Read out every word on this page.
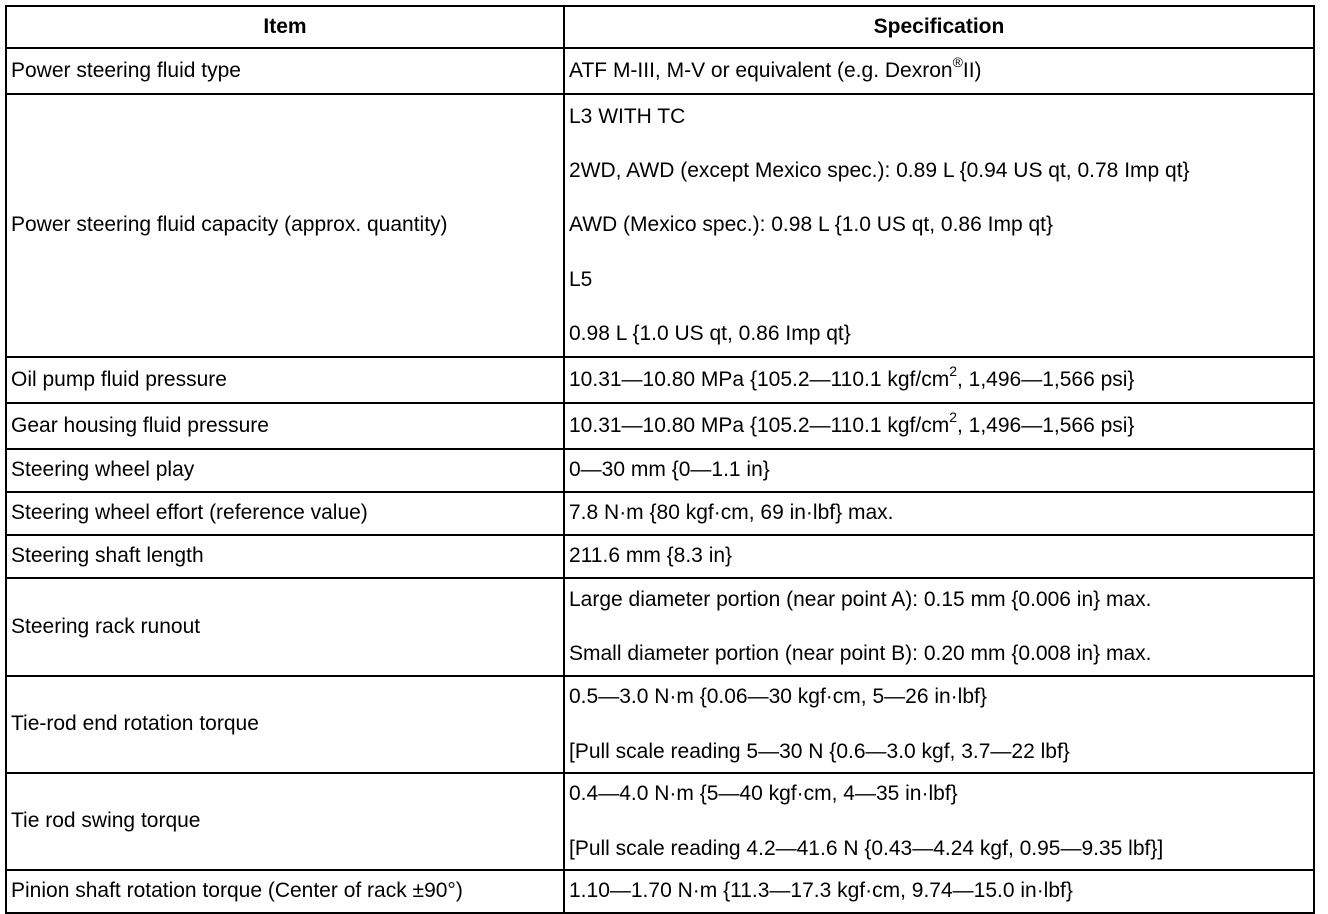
Item	Specification
Power steering fluid type	ATF M-III, M-V or equivalent (e.g. Dexron®II)

Power steering fluid capacity (approx. quantity)	L3 WITH TC
2WD, AWD (except Mexico spec.): 0.89 L {0.94 US qt, 0.78 Imp qt}
AWD (Mexico spec.): 0.98 L {1.0 US qt, 0.86 Imp qt}
L5
0.98 L {1.0 US qt, 0.86 Imp qt}

Oil pump fluid pressure	10.31—10.80 MPa {105.2—110.1 kgf/$cm^2$, 1,496—1,566 psi}

Gear housing fluid pressure	10.31—10.80 MPa {105.2—110.1 kgf/$cm^2$, 1,496—1,566 psi}

Steering wheel play	0—30 mm {0—1.1 in}

Steering wheel effort (reference value)	7.8 N·m {80 kgf·cm, 69 in·lbf} max.

Steering shaft length	211.6 mm {8.3 in}

Steering rack runout	Large diameter portion (near point A): 0.15 mm {0.006 in} max.
Small diameter portion (near point B): 0.20 mm {0.008 in} max.

Tie-rod end rotation torque	0.5—3.0 N·m {0.06—30 kgf·cm, 5—26 in·lbf}
[Pull scale reading 5—30 N {0.6—3.0 kgf, 3.7—22 lbf}

Tie rod swing torque	0.4—4.0 N·m {5—40 kgf·cm, 4—35 in·lbf}
[Pull scale reading 4.2—41.6 N {0.43—4.24 kgf, 0.95—9.35 lbf}]

Pinion shaft rotation torque (Center of rack ±90°)	1.10—1.70 N·m {11.3—17.3 kgf·cm, 9.74—15.0 in·lbf}
